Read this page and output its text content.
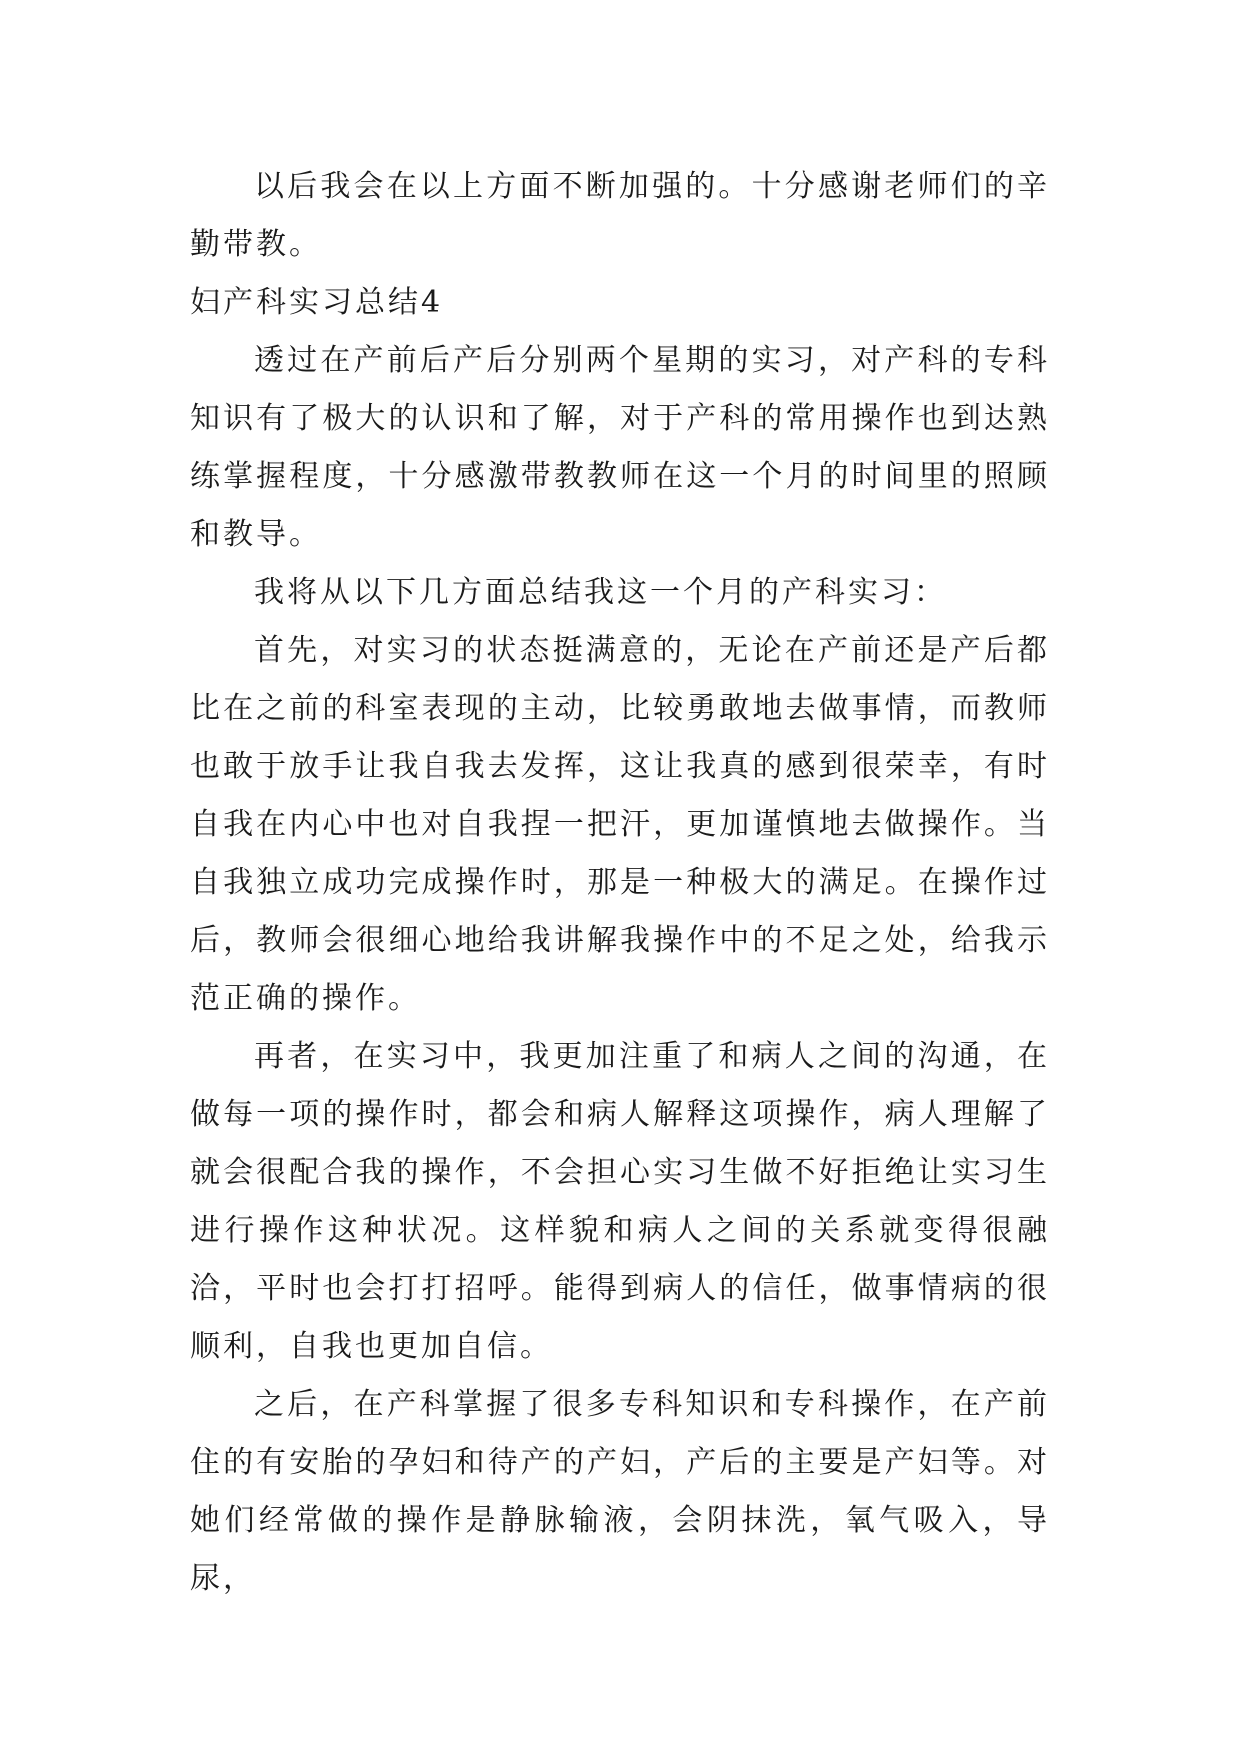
以后我会在以上方面不断加强的。十分感谢老师们的辛勤带教。

妇产科实习总结4

透过在产前后产后分别两个星期的实习，对产科的专科知识有了极大的认识和了解，对于产科的常用操作也到达熟练掌握程度，十分感激带教教师在这一个月的时间里的照顾和教导。

我将从以下几方面总结我这一个月的产科实习：

首先，对实习的状态挺满意的，无论在产前还是产后都比在之前的科室表现的主动，比较勇敢地去做事情，而教师也敢于放手让我自我去发挥，这让我真的感到很荣幸，有时自我在内心中也对自我捏一把汗，更加谨慎地去做操作。当自我独立成功完成操作时，那是一种极大的满足。在操作过后，教师会很细心地给我讲解我操作中的不足之处，给我示范正确的操作。

再者，在实习中，我更加注重了和病人之间的沟通，在做每一项的操作时，都会和病人解释这项操作，病人理解了就会很配合我的操作，不会担心实习生做不好拒绝让实习生进行操作这种状况。这样貌和病人之间的关系就变得很融洽，平时也会打打招呼。能得到病人的信任，做事情病的很顺利，自我也更加自信。

之后，在产科掌握了很多专科知识和专科操作，在产前住的有安胎的孕妇和待产的产妇，产后的主要是产妇等。对她们经常做的操作是静脉输液，会阴抹洗，氧气吸入，导尿，
